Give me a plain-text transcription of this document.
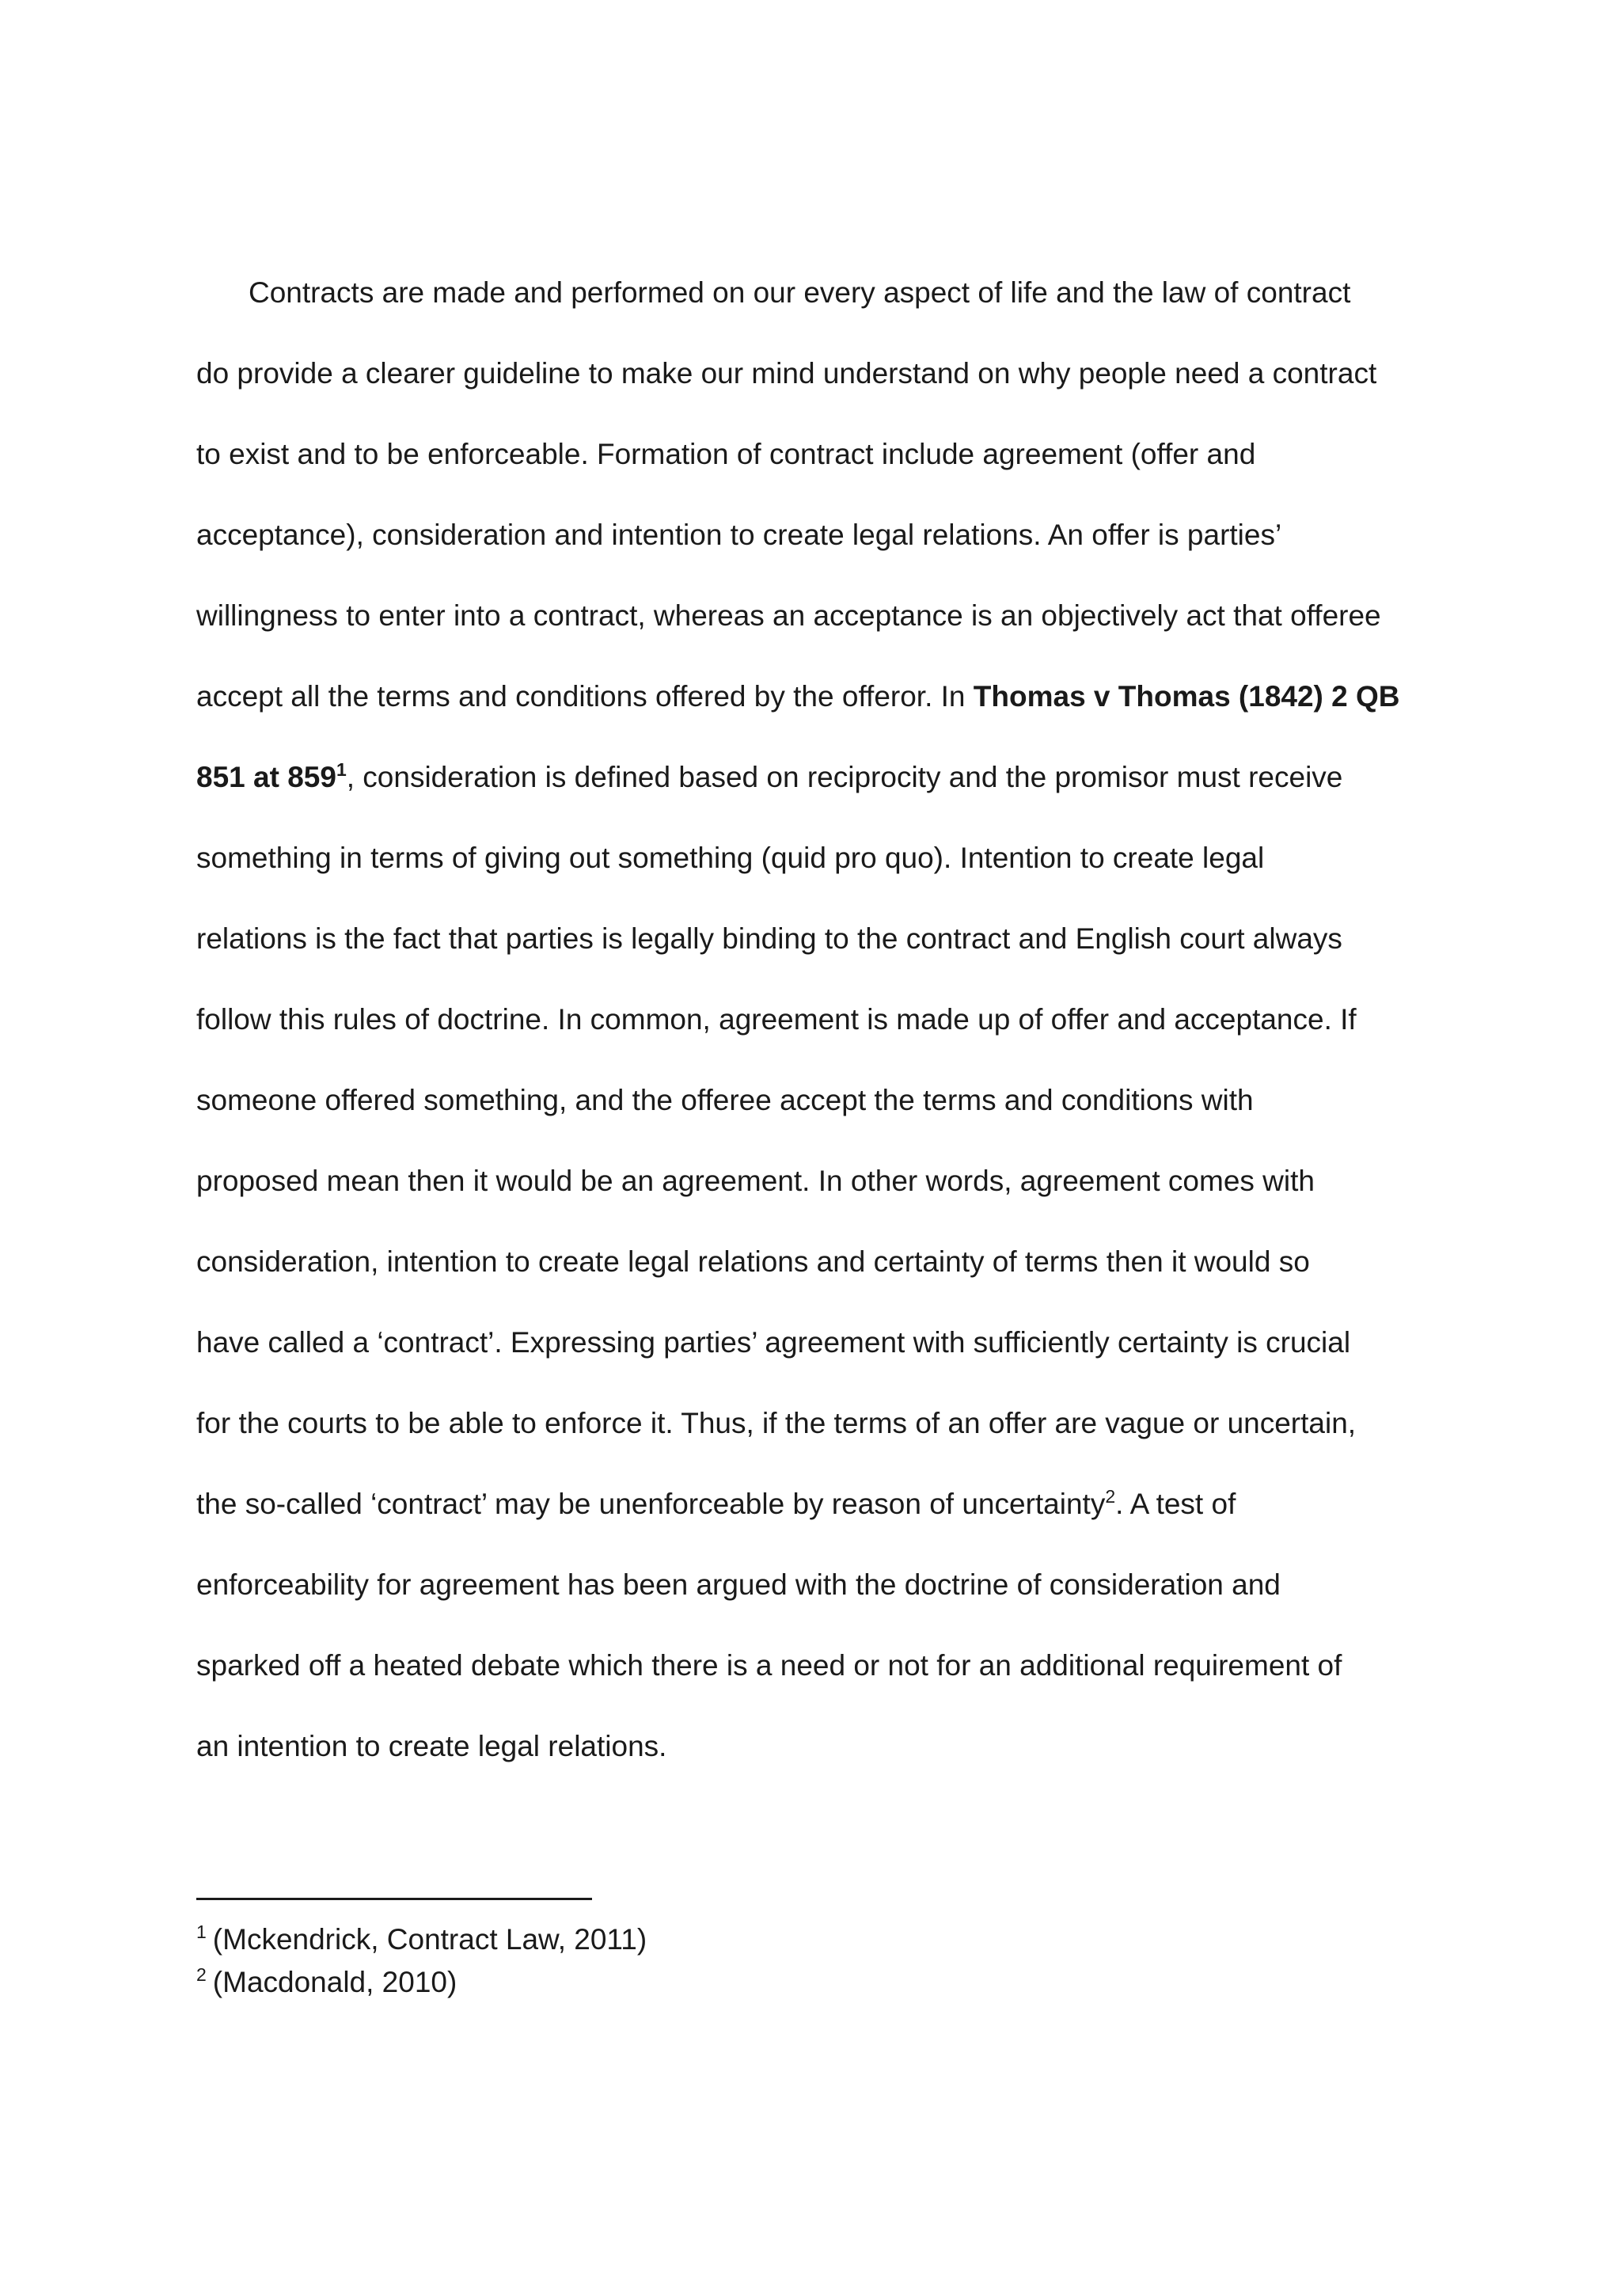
Contracts are made and performed on our every aspect of life and the law of contract
do provide a clearer guideline to make our mind understand on why people need a contract
to exist and to be enforceable. Formation of contract include agreement (offer and
acceptance), consideration and intention to create legal relations. An offer is parties’
willingness to enter into a contract, whereas an acceptance is an objectively act that offeree
accept all the terms and conditions offered by the offeror. In Thomas v Thomas (1842) 2 QB
851 at $859^1$, consideration is defined based on reciprocity and the promisor must receive
something in terms of giving out something (quid pro quo). Intention to create legal
relations is the fact that parties is legally binding to the contract and English court always
follow this rules of doctrine. In common, agreement is made up of offer and acceptance. If
someone offered something, and the offeree accept the terms and conditions with
proposed mean then it would be an agreement. In other words, agreement comes with
consideration, intention to create legal relations and certainty of terms then it would so
have called a ‘contract’. Expressing parties’ agreement with sufficiently certainty is crucial
for the courts to be able to enforce it. Thus, if the terms of an offer are vague or uncertain,
the so-called ‘contract’ may be unenforceable by reason of uncertainty$^2$. A test of
enforceability for agreement has been argued with the doctrine of consideration and
sparked off a heated debate which there is a need or not for an additional requirement of
an intention to create legal relations.
$^1$ (Mckendrick, Contract Law, 2011)
$^2$ (Macdonald, 2010)
